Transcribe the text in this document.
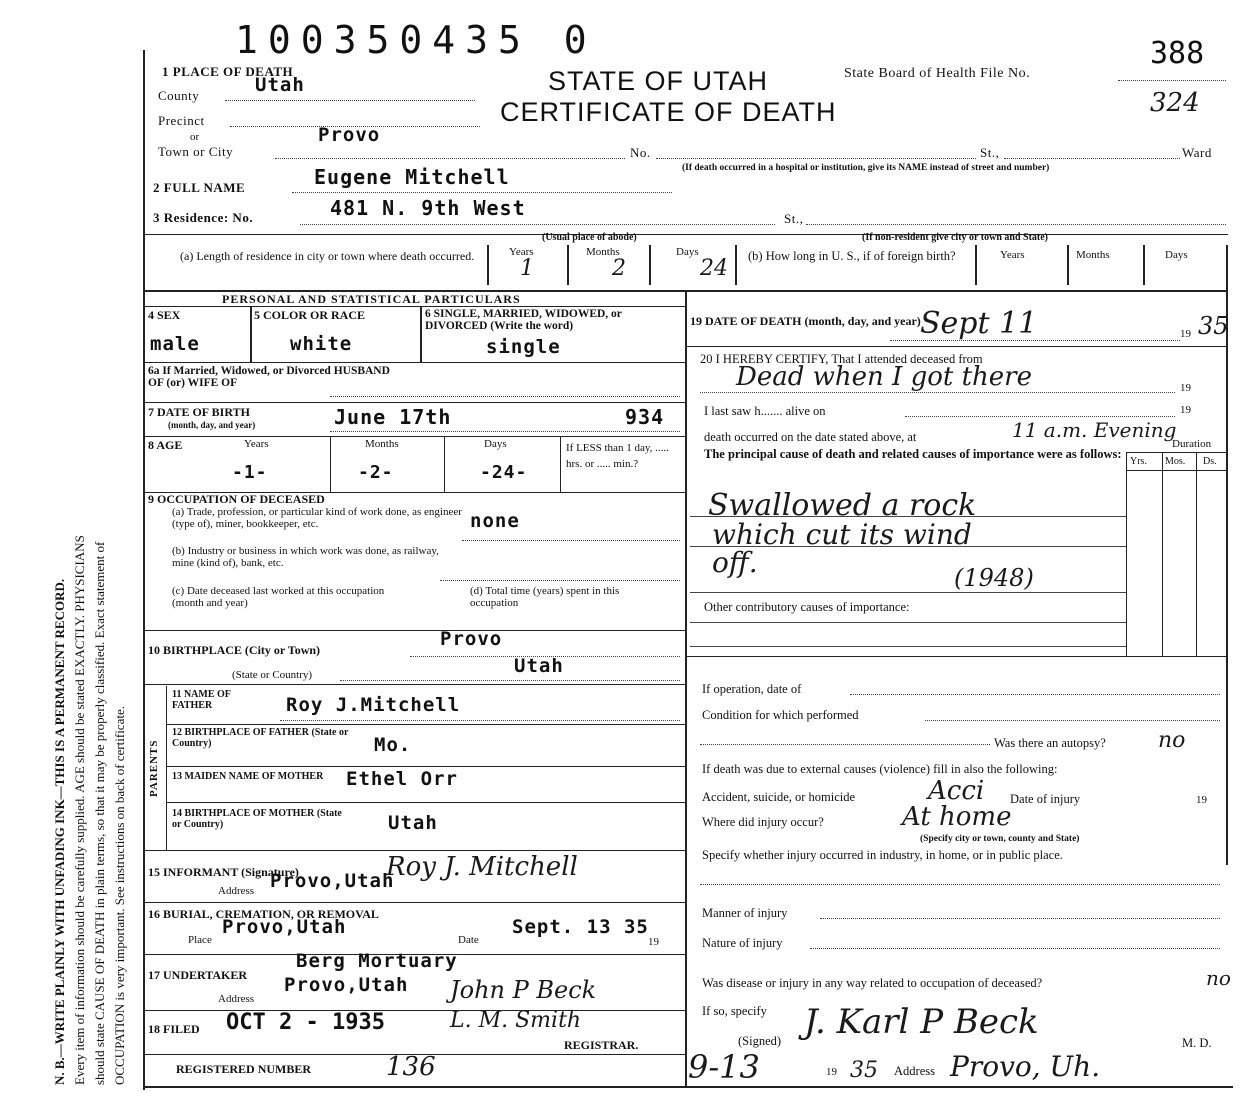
N. B.—WRITE PLAINLY WITH UNFADING INK—THIS IS A PERMANENT RECORD. Every item of information should be carefully supplied. AGE should be stated EXACTLY. PHYSICIANS should state CAUSE OF DEATH in plain terms, so that it may be properly classified. Exact statement of OCCUPATION is very important. See instructions on back of certificate.
100350435 0	388
STATE OF UTAH
CERTIFICATE OF DEATH
State Board of Health File No.
324
1 PLACE OF DEATH
County	Utah
Precinct
or
Town or City
Provo
No.	St.,	Ward
(If death occurred in a hospital or institution, give its NAME instead of street and number)
2 FULL NAME	Eugene Mitchell
3 Residence: No.	481 N. 9th West	St.,
(Usual place of abode)	(If non-resident give city or town and State)
(a) Length of residence in city or town where death occurred.	Years	Months	Days
1	2	24 (b) How long in U. S., if of foreign birth?	Years	Months	Days
PERSONAL AND STATISTICAL PARTICULARS
4 SEX
male
5 COLOR OR RACE
white
6 SINGLE, MARRIED, WIDOWED, or DIVORCED (Write the word)
single
6a If Married, Widowed, or Divorced HUSBAND OF (or) WIFE OF
7 DATE OF BIRTH
(month, day, and year)	June 17th	934
8 AGE	Years	Months	Days
-1-	-2-	-24-
If LESS than 1 day, ..... hrs. or ..... min.?
9 OCCUPATION OF DECEASED
(a) Trade, profession, or particular kind of work done, as engineer (type of), miner, bookkeeper, etc.	none
(b) Industry or business in which work was done, as railway, mine (kind of), bank, etc.
(c) Date deceased last worked at this occupation (month and year)
(d) Total time (years) spent in this occupation
10 BIRTHPLACE (City or Town)	Provo
(State or Country)	Utah
PARENTS
11 NAME OF FATHER	Roy J.Mitchell
12 BIRTHPLACE OF FATHER (State or Country)	Mo.
13 MAIDEN NAME OF MOTHER	Ethel Orr
14 BIRTHPLACE OF MOTHER (State or Country)	Utah
15 INFORMANT (Signature)	Roy J. Mitchell
Address Provo,Utah
16 BURIAL, CREMATION, OR REMOVAL
Place
Provo,Utah
Date
Sept. 13 35
19
17 UNDERTAKER
Berg Mortuary
Address
Provo,Utah John P Beck
18 FILED OCT 2 - 1935	L. M. Smith
REGISTRAR.
REGISTERED NUMBER	136
19 DATE OF DEATH (month, day, and year) Sept 11	19 35
20 I HEREBY CERTIFY, That I attended deceased from
Dead when I got there	19
I last saw h....... alive on	19
death occurred on the date stated above, at	11 a.m. Evening
Duration
The principal cause of death and related causes of importance were as follows:
Yrs. Mos. Ds.
Swallowed a rock
which cut its wind
off.	(1948)
Other contributory causes of importance:
If operation, date of
Condition for which performed
Was there an autopsy? no
If death was due to external causes (violence) fill in also the following:
Accident, suicide, or homicide	Acci Date of injury	19
Where did injury occur?	At home
(Specify city or town, county and State)
Specify whether injury occurred in industry, in home, or in public place.
Manner of injury
Nature of injury
Was disease or injury in any way related to occupation of deceased?	no
If so, specify
(Signed) J. Karl P Beck
M. D.
9-13	19 35 Address Provo, Uh.
